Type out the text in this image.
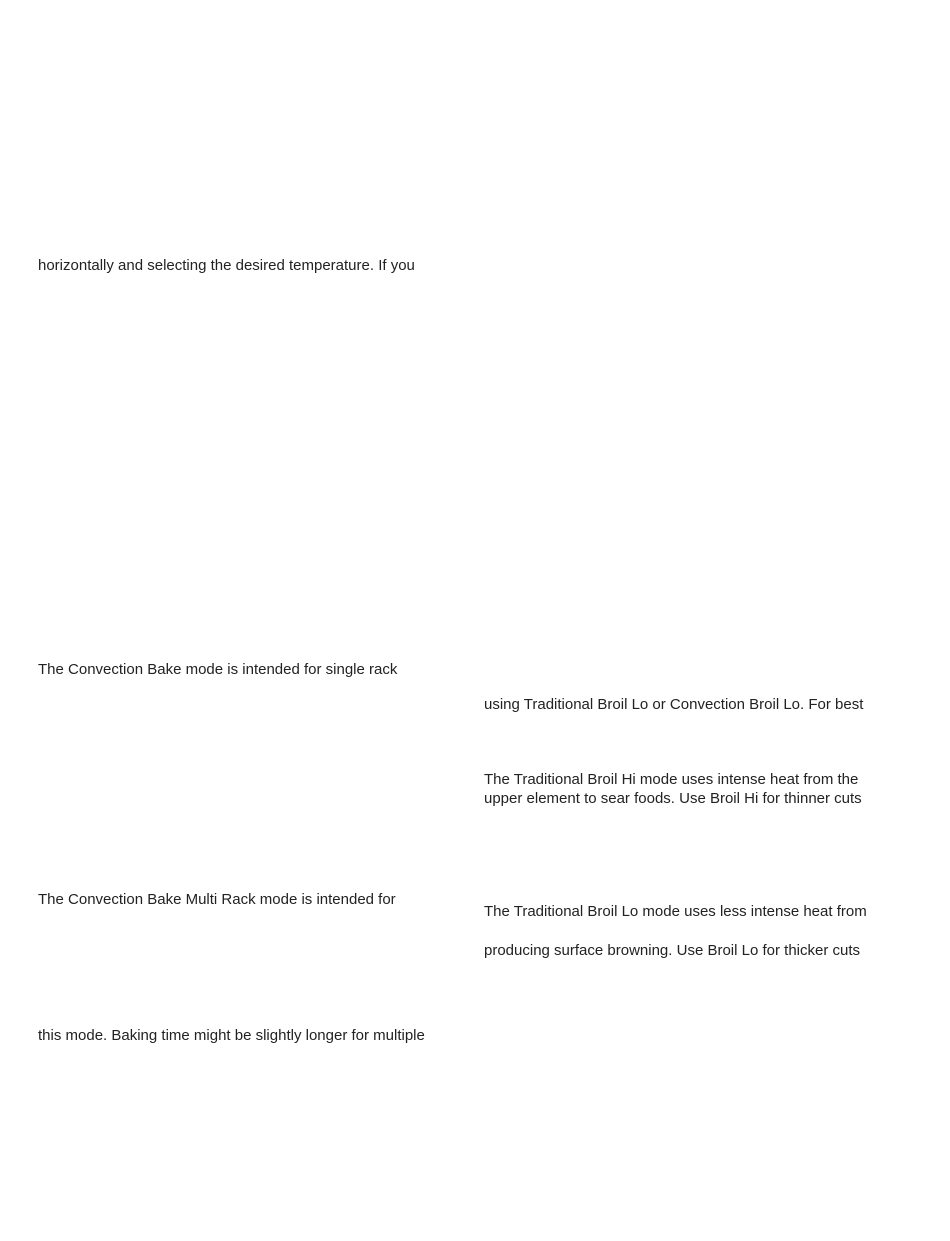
horizontally and selecting the desired temperature. If you

The Convection Bake mode is intended for single rack

The Convection Bake Multi Rack mode is intended for

this mode. Baking time might be slightly longer for multiple

using Traditional Broil Lo or Convection Broil Lo. For best

The Traditional Broil Hi mode uses intense heat from the

upper element to sear foods. Use Broil Hi for thinner cuts

The Traditional Broil Lo mode uses less intense heat from

producing surface browning. Use Broil Lo for thicker cuts
